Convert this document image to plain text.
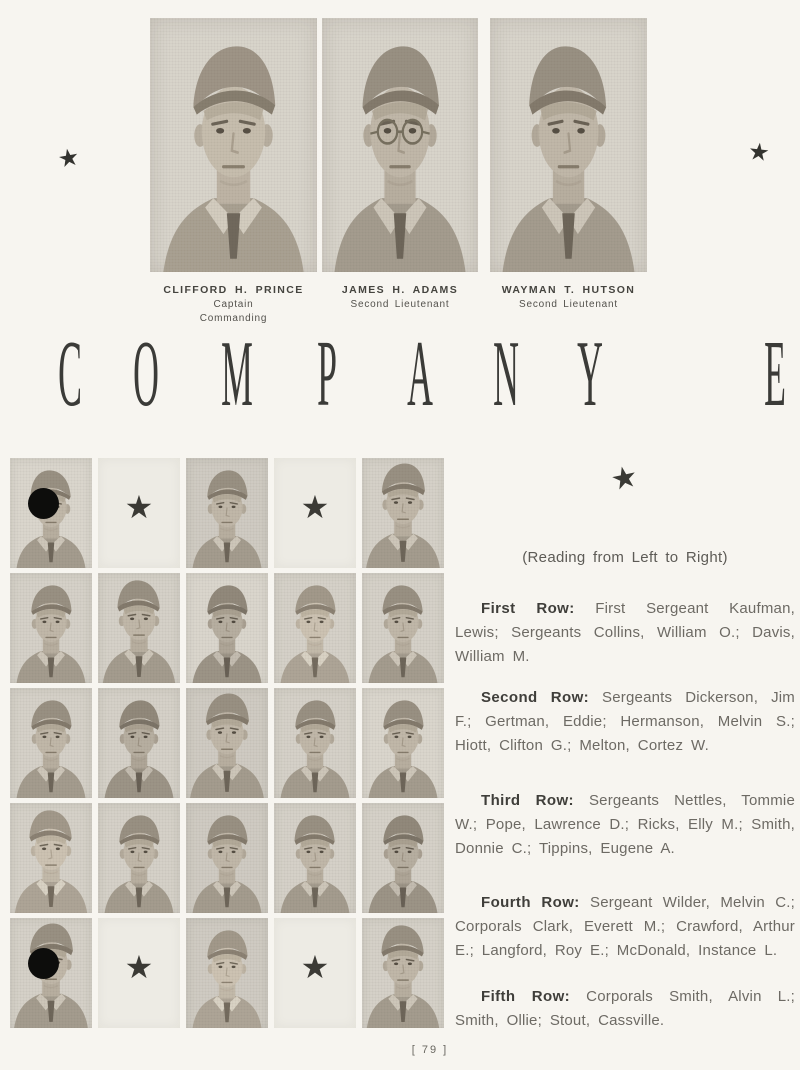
★	★
CLIFFORD H. PRINCE
Captain
Commanding
JAMES H. ADAMS
Second Lieutenant
WAYMAN T. HUTSON
Second Lieutenant
C O M P A N Y E
★	★
★	★
★
(Reading from Left to Right)

First Row: First Sergeant Kaufman, Lewis; Sergeants Collins, William O.; Davis, William M.

Second Row: Sergeants Dickerson, Jim F.; Gertman, Eddie; Hermanson, Melvin S.; Hiott, Clifton G.; Melton, Cortez W.

Third Row: Sergeants Nettles, Tommie W.; Pope, Lawrence D.; Ricks, Elly M.; Smith, Donnie C.; Tippins, Eugene A.

Fourth Row: Sergeant Wilder, Melvin C.; Corporals Clark, Everett M.; Crawford, Arthur E.; Langford, Roy E.; McDonald, Instance L.

Fifth Row: Corporals Smith, Alvin L.; Smith, Ollie; Stout, Cassville.

[ 79 ]
